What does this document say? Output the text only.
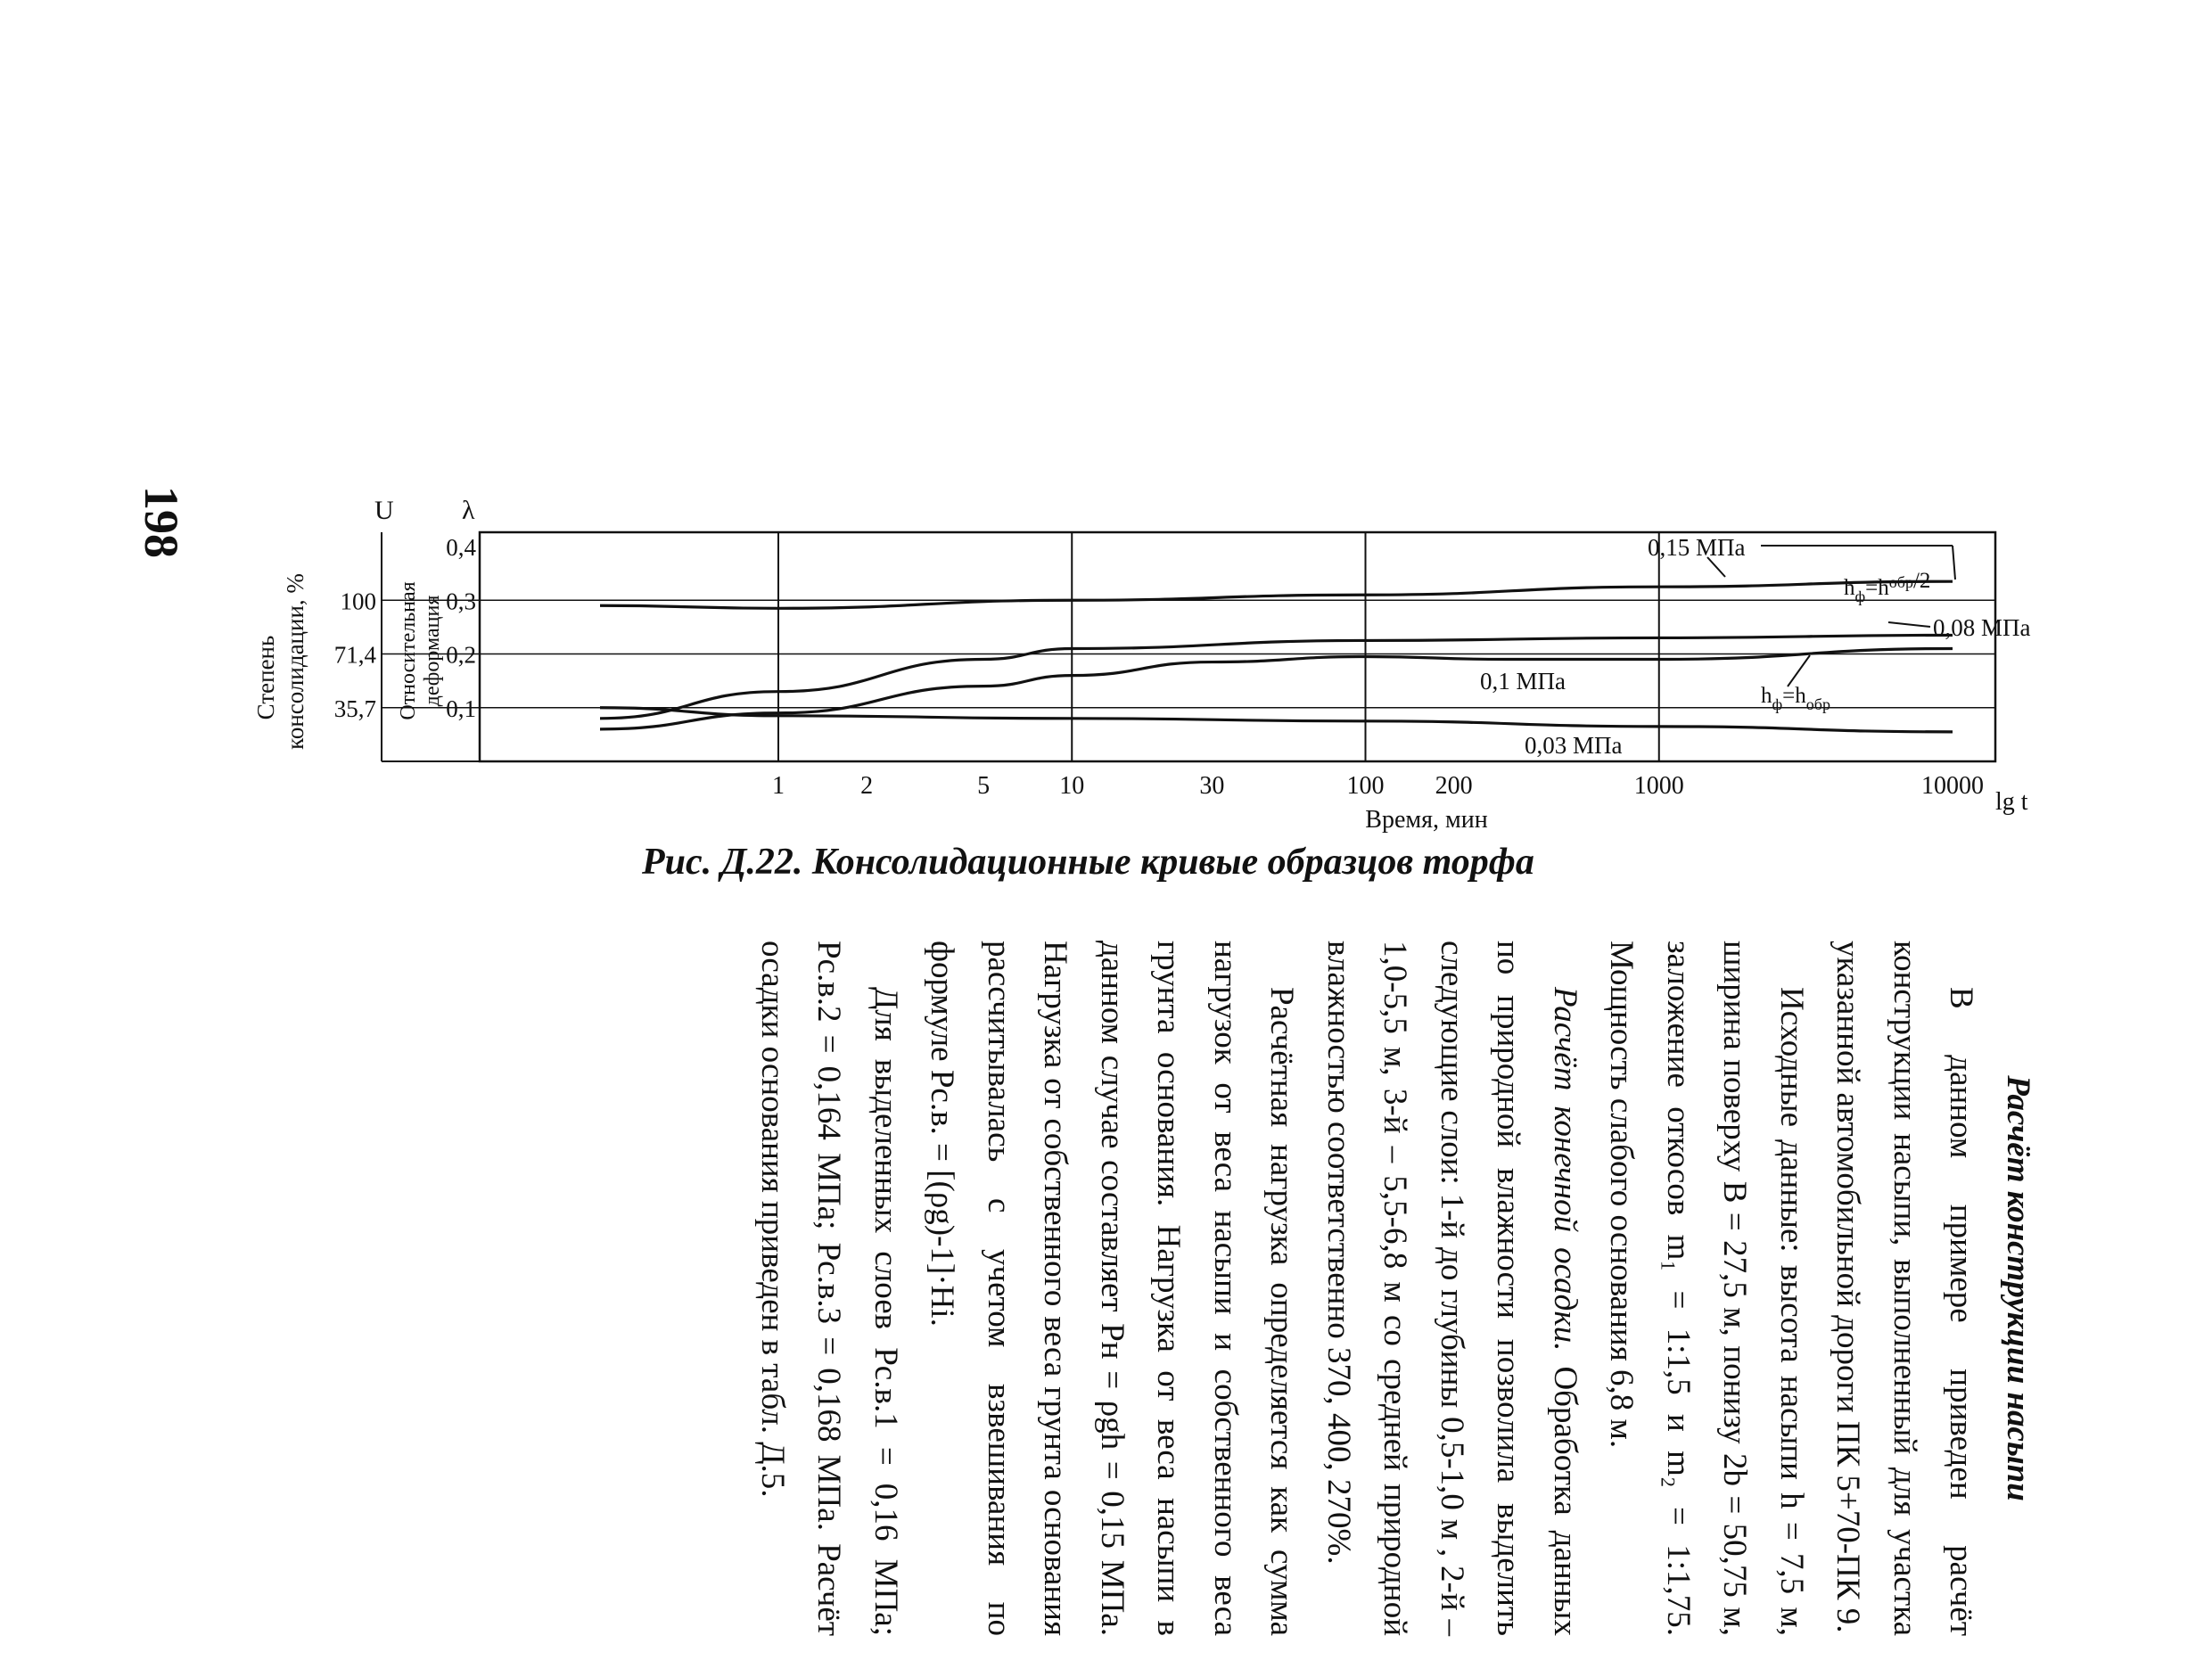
198	U	λ
Степень консолидации, %	Относительная деформация
100
71,4
35,7
0,4
0,3
0,2
0,1
1	2	5	10	30	100 200	1000	10000
Время, мин
lg t
0,15 МПа
0,08 МПа
0,1 МПа
0,03 МПа
$h_ф=h^{обр}/2$
$h_ф=h_{обр}$
Рис. Д.22. Консолидационные кривые образцов торфа

Расчёт конструкции насыпи

В данном примере приведен расчёт конструкции насыпи, выполненный для участка указанной автомобильной дороги ПК 5+70-ПК 9.

Исходные данные: высота насыпи h = 7,5 м, ширина поверху В = 27,5 м, понизу 2b = 50,75 м, заложение откосов m₁ = 1:1,5 и m₂ = 1:1,75. Мощность слабого основания 6,8 м.

Расчёт конечной осадки. Обработка данных по природной влажности позволила выделить следующие слои: 1-й до глубины 0,5-1,0 м , 2-й – 1,0-5,5 м, 3-й – 5,5-6,8 м со средней природной влажностью соответственно 370, 400, 270%.

Расчётная нагрузка определяется как сумма нагрузок от веса насыпи и собственного веса грунта основания. Нагрузка от веса насыпи в данном случае составляет Pн = ρgh = 0,15 МПа. Нагрузка от собственного веса грунта основания рассчитывалась с учетом взвешивания по формуле Pс.в. = [(ρg)-1]·Hi.

Для выделенных слоев Pс.в.1 = 0,16 МПа; Pс.в.2 = 0,164 МПа; Pс.в.3 = 0,168 МПа. Расчёт осадки основания приведен в табл. Д.5.
